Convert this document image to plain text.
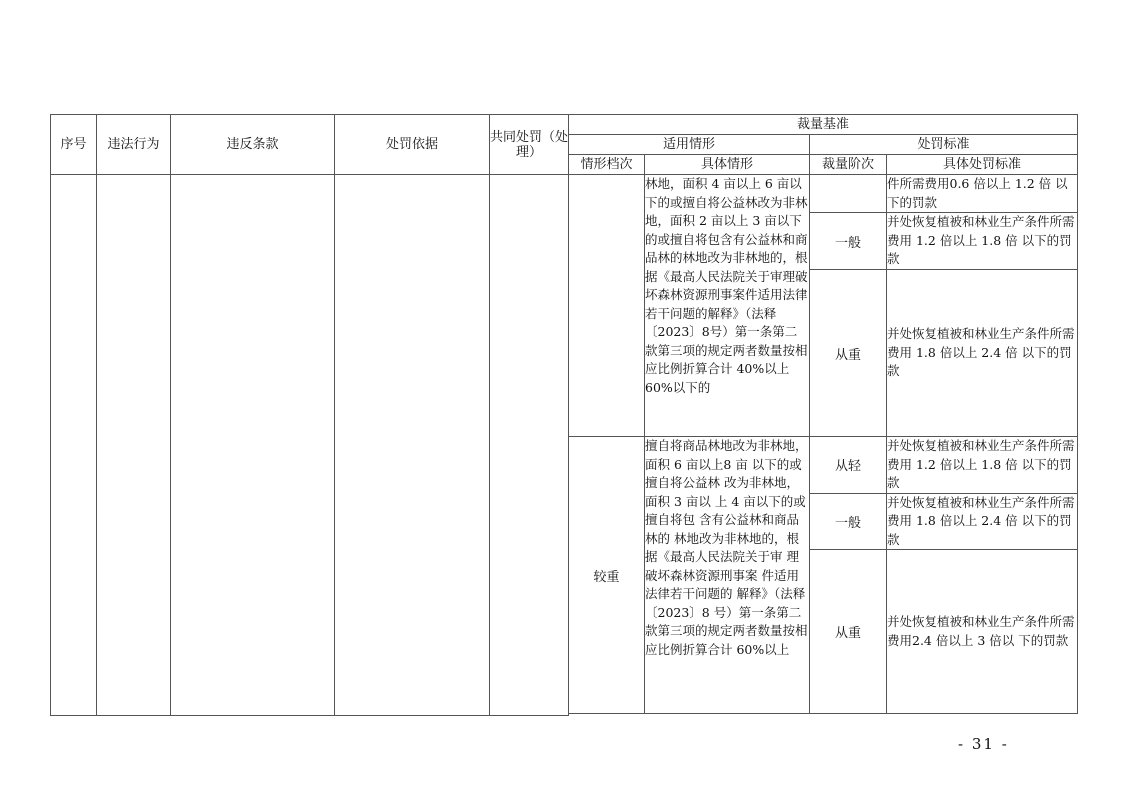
序号	违法行为	违反条款	处罚依据	共同处罚（处理）	裁量基准			
					适用情形		处罚标准	
					情形档次	具体情形	裁量阶次	具体处罚标准
						林地，面积 4 亩以上 6 亩以下的或擅自将公益林改为非林地，面积 2 亩以上 3 亩以下的或擅自将包含有公益林和商品林的林地改为非林地的，根据《最高人民法院关于审理破坏森林资源刑事案件适用法律若干问题的解释》（法释〔2023〕8号）第一条第二款第三项的规定两者数量按相应比例折算合计 40%以上60%以下的		件所需费用0.6 倍以上 1.2 倍 以下的罚款
							一般	并处恢复植被和林业生产条件所需费用 1.2 倍以上 1.8 倍 以下的罚款
							从重	并处恢复植被和林业生产条件所需费用 1.8 倍以上 2.4 倍 以下的罚款
					较重	擅自将商品林地改为非林地，面积 6 亩以上8 亩 以下的或擅自将公益林 改为非林地，面积 3 亩以 上 4 亩以下的或擅自将包 含有公益林和商品林的 林地改为非林地的，根据《最高人民法院关于审 理破坏森林资源刑事案 件适用法律若干问题的 解释》（法释〔2023〕8 号）第一条第二款第三项的规定两者数量按相应比例折算合计 60%以上	从轻	并处恢复植被和林业生产条件所需费用 1.2 倍以上 1.8 倍 以下的罚款
							一般	并处恢复植被和林业生产条件所需费用 1.8 倍以上 2.4 倍 以下的罚款
							从重	并处恢复植被和林业生产条件所需费用2.4 倍以上 3 倍以 下的罚款

- 31 -
